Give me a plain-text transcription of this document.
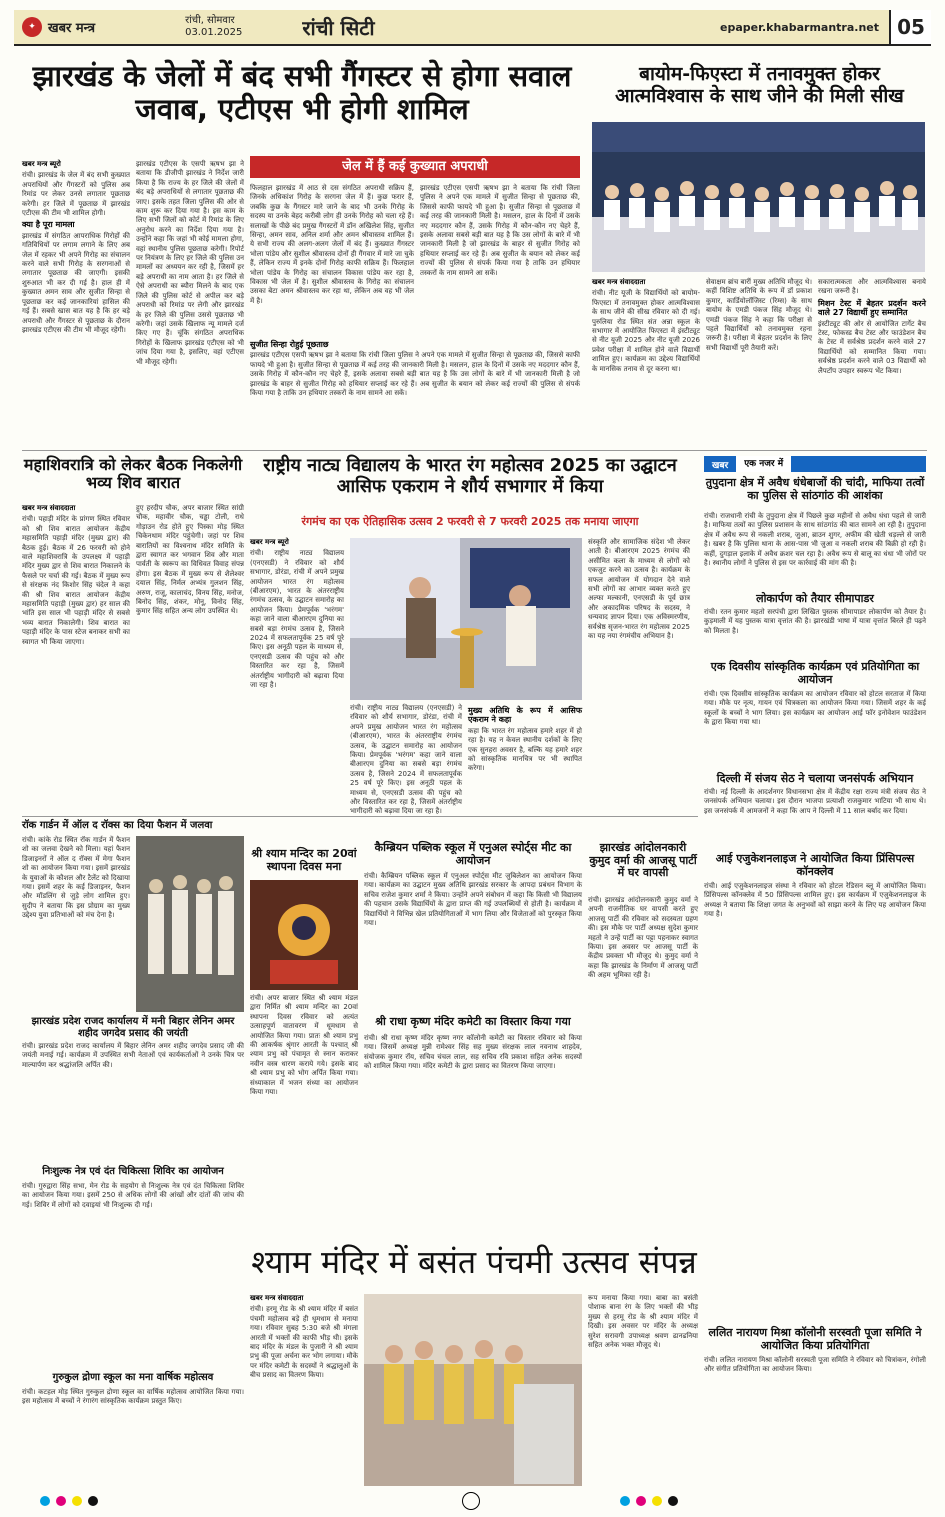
✦ खबर मन्त्र
रांची, सोमवार
03.01.2025	रांची सिटी	epaper.khabarmantra.net 05
झारखंड के जेलों में बंद सभी गैंगस्टर से होगा सवाल जवाब, एटीएस भी होगी शामिल
खबर मन्त्र ब्यूरो
रांची। झारखंड के जेल में बंद सभी कुख्यात अपराधियों और गैंगस्टरों को पुलिस अब रिमांड पर लेकर उनसे लगातार पूछताछ करेगी। हर जिले में पूछताछ में झारखंड एटीएस की टीम भी शामिल होगी।
क्या है पूरा मामला
झारखंड में संगठित आपराधिक गिरोहों की गतिविधियों पर लगाम लगाने के लिए अब जेल में रहकर भी अपने गिरोह का संचालन करने वाले सभी गिरोह के सरगनाओं से लगातार पूछताछ की जाएगी। इसकी शुरुआत भी कर दी गई है। हाल ही में कुख्यात अमन साव और सुजीत सिन्हा से पूछताछ कर कई जानकारियां हासिल की गई हैं। सबसे खास बात यह है कि हर बड़े अपराधी और गैंगस्टर से पूछताछ के दौरान झारखंड एटीएस की टीम भी मौजूद रहेगी।
झारखंड एटीएस के एसपी ऋषभ झा ने बताया कि डीजीपी झारखंड ने निर्देश जारी किया है कि राज्य के हर जिले की जेलों में बंद बड़े अपराधियों से लगातार पूछताछ की जाए। इसके तहत जिला पुलिस की ओर से काम शुरू कर दिया गया है। इस काम के लिए सभी जिलों को कोर्ट में रिमांड के लिए अनुरोध करने का निर्देश दिया गया है। उन्होंने कहा कि जहां भी कोई मामला होगा, वहां स्थानीय पुलिस पूछताछ करेगी। रिपोर्ट पर नियंत्रण के लिए हर जिले की पुलिस उन मामलों का अध्ययन कर रही है, जिसमें हर बड़े अपराधी का नाम आता है। हर जिले से ऐसे अपराधी का ब्यौरा मिलने के बाद एक जिले की पुलिस कोर्ट से अपील कर बड़े अपराधी को रिमांड पर लेगी और झारखंड के हर जिले की पुलिस उससे पूछताछ भी करेगी। जहां उसके खिलाफ न्यू मामले दर्ज किए गए हैं। चूंकि संगठित अपराधिक गिरोहों के खिलाफ झारखंड एटीएस को भी जांच दिया गया है, इसलिए, वहां एटीएस भी मौजूद रहेगी।
जेल में हैं कई कुख्यात अपराधी
फिलहाल झारखंड में आठ से दस संगठित अपराधी सक्रिय हैं, जिनके अधिकांश गिरोह के सरगना जेल में हैं। कुछ फरार हैं, जबकि कुछ के गैंगस्टर मारे जाने के बाद भी उनके गिरोह के सदस्य या उनके बेहद करीबी लोग ही उनके गिरोह को चला रहे हैं। सलाखों के पीछे बंद प्रमुख गैंगस्टरों में डॉन अखिलेश सिंह, सुजीत सिन्हा, अमन साव, अनिल शर्मा और अमन श्रीवास्तव शामिल हैं। ये सभी राज्य की अलग-अलग जेलों में बंद हैं। कुख्यात गैंगस्टर भोला पांडेय और सुशील श्रीवास्तव दोनों ही गैंगवार में मारे जा चुके हैं, लेकिन राज्य में इनके दोनों गिरोह काफी सक्रिय हैं। फिलहाल भोला पांडेय के गिरोह का संचालन विकास पांडेय कर रहा है, विकास भी जेल में है। सुशील श्रीवास्तव के गिरोह का संचालन उसका बेटा अमन श्रीवास्तव कर रहा था, लेकिन अब वह भी जेल में है।
झारखंड एटीएस एसपी ऋषभ झा ने बताया कि रांची जिला पुलिस ने अपने एक मामले में सुजीत सिन्हा से पूछताछ की, जिससे काफी फायदे भी हुआ है। सुजीत सिन्हा से पूछताछ में कई तरह की जानकारी मिली है। मसलन, हाल के दिनों में उसके नए मददगार कौन हैं, उसके गिरोह में कौन-कौन नए चेहरे हैं, इसके अलावा सबसे बड़ी बात यह है कि उस लोगों के बारे में भी जानकारी मिली है जो झारखंड के बाहर से सुजीत गिरोह को हथियार सप्लाई कर रहे हैं। अब सुजीत के बयान को लेकर कई राज्यों की पुलिस से संपर्क किया गया है ताकि उन हथियार तस्करों के नाम सामने आ सकें।
सुजीत सिन्हा रोहुई पूछताछ
झारखंड एटीएस एसपी ऋषभ झा ने बताया कि रांची जिला पुलिस ने अपने एक मामले में सुजीत सिन्हा से पूछताछ की, जिससे काफी फायदे भी हुआ है। सुजीत सिन्हा से पूछताछ में कई तरह की जानकारी मिली है। मसलन, हाल के दिनों में उसके नए मददगार कौन हैं, उसके गिरोह में कौन-कौन नए चेहरे हैं, इसके अलावा सबसे बड़ी बात यह है कि उस लोगों के बारे में भी जानकारी मिली है जो झारखंड के बाहर से सुजीत गिरोह को हथियार सप्लाई कर रहे हैं। अब सुजीत के बयान को लेकर कई राज्यों की पुलिस से संपर्क किया गया है ताकि उन हथियार तस्करों के नाम सामने आ सकें।
बायोम-फिएस्टा में तनावमुक्त होकर आत्मविश्वास के साथ जीने की मिली सीख
खबर मन्त्र संवाददाता
रांची। नीट यूजी के विद्यार्थियों को बायोम-फिएस्टा में तनावमुक्त होकर आत्मविश्वास के साथ जीने की सीख रविवार को दी गई। पुरुलिया रोड स्थित संत अन्ना स्कूल के सभागार में आयोजित फिएस्टा में इंस्टीट्यूट से नीट यूजी 2025 और नीट यूजी 2026 प्रवेश परीक्षा में शामिल होने वाले विद्यार्थी शामिल हुए। कार्यक्रम का उद्देश्य विद्यार्थियों के मानसिक तनाव से दूर करना था।
सेवाक्षम ब्रांच बारीं मुख्य अतिथि मौजूद थे। कहीं विशिष्ट अतिथि के रूप में डॉ प्रकाश कुमार, कार्डियोलॉजिस्ट (रिम्स) के साथ बायोम के एमडी पंकज सिंह मौजूद थे। एमडी पंकज सिंह ने कहा कि परीक्षा से पहले विद्यार्थियों को तनावमुक्त रहना जरूरी है। परीक्षा में बेहतर प्रदर्शन के लिए सभी विद्यार्थी पूरी तैयारी करें।
सकारात्मकता और आत्मविश्वास बनाये रखना जरूरी है।
मिशन टेस्ट में बेहतर प्रदर्शन करने वाले 27 विद्यार्थी हुए सम्मानित
इंस्टीट्यूट की ओर से आयोजित टार्गेट बैच टेस्ट, फोकस्ड बैच टेस्ट और फाउंडेशन बैच के टेस्ट में सर्वश्रेष्ठ प्रदर्शन करने वाले 27 विद्यार्थियों को सम्मानित किया गया। सर्वश्रेष्ठ प्रदर्शन करने वाले 03 विद्यार्थी को लैपटॉप उपहार स्वरूप भेंट किया।
महाशिवरात्रि को लेकर बैठक निकलेगी भव्य शिव बारात
खबर मन्त्र संवाददाता
रांची। पहाड़ी मंदिर के प्रांगण स्थित रविवार को श्री शिव बारात आयोजन केंद्रीय महासमिति पहाड़ी मंदिर (मुख्य द्वार) की बैठक हुई। बैठक में 26 फरवरी को होने वाले महाशिवरात्रि के उपलक्ष्य में पहाड़ी मंदिर मुख्य द्वार से शिव बारात निकालने के फैसले पर चर्चा की गई। बैठक में मुख्य रूप से संरक्षक नंद किशोर सिंह चंदेल ने कहा की श्री शिव बारात आयोजन केंद्रीय महासमिति पहाड़ी (मुख्य द्वार) हर साल की भांति इस साल भी पहाड़ी मंदिर से सबसे भव्य बारात निकालेगी। शिव बारात का पहाड़ी मंदिर के पास स्टेज बनाकर सभी का स्वागत भी किया जाएगा।
हुए हरदीप चौक, अपर बाजार स्थित सांग्री चौक, महावीर चौक, चड्ढा टोली, राधे गोड़ाउन रोड होते हुए पिस्का मोड़ स्थित चिकेनथाम मंदिर पहुंचेगी। जहां पर शिव बारातियों का विश्वनाथ मंदिर समिति के द्वारा स्वागत कर भगवान शिव और माता पार्वती के स्वरूप का विधिवत विवाह संपन्न होगा। इस बैठक में मुख्य रूप से शैलेश्वर दयाल सिंह, निर्मल अभ्यंत्र गुलशन सिंह, अरुण, राजू, कालाचंद, विनय सिंह, मनोज, बिनोद सिंह, शंकर, मोनू, विनोद सिंह, कुमार सिंह सहित अन्य लोग उपस्थित थे।
राष्ट्रीय नाट्य विद्यालय के भारत रंग महोत्सव 2025 का उद्घाटन आसिफ एकराम ने शौर्य सभागार में किया
रंगमंच का एक ऐतिहासिक उत्सव 2 फरवरी से 7 फरवरी 2025 तक मनाया जाएगा
खबर मन्त्र ब्यूरो
रांची। राष्ट्रीय नाट्य विद्यालय (एनएसडी) ने रविवार को शौर्य सभागार, डोरंडा, रांची में अपने प्रमुख आयोजन भारत रंग महोत्सव (बीआरएम), भारत के अंतरराष्ट्रीय रंगमंच उत्सव, के उद्घाटन समारोह का आयोजन किया। प्रेमपूर्वक 'भरंगम' कहा जाने वाला बीआरएम दुनिया का सबसे बड़ा रंगमंच उत्सव है, जिसने 2024 में सफलतापूर्वक 25 वर्ष पूरे किए। इस अनूठी पहल के माध्यम से, एनएसडी उत्सव की पहुंच को और विस्तारित कर रहा है, जिसमें अंतर्राष्ट्रीय भागीदारी को बढ़ावा दिया जा रहा है।
रांची। राष्ट्रीय नाट्य विद्यालय (एनएसडी) ने रविवार को शौर्य सभागार, डोरंडा, रांची में अपने प्रमुख आयोजन भारत रंग महोत्सव (बीआरएम), भारत के अंतरराष्ट्रीय रंगमंच उत्सव, के उद्घाटन समारोह का आयोजन किया। प्रेमपूर्वक 'भरंगम' कहा जाने वाला बीआरएम दुनिया का सबसे बड़ा रंगमंच उत्सव है, जिसने 2024 में सफलतापूर्वक 25 वर्ष पूरे किए। इस अनूठी पहल के माध्यम से, एनएसडी उत्सव की पहुंच को और विस्तारित कर रहा है, जिसमें अंतर्राष्ट्रीय भागीदारी को बढ़ावा दिया जा रहा है।
मुख्य अतिथि के रूप में आसिफ एकराम ने कहा
कहा कि भारत रंग महोत्सव हमारे शहर में हो रहा है। यह न केवल स्थानीय दर्शकों के लिए एक सुनहरा अवसर है, बल्कि यह हमारे शहर को सांस्कृतिक मानचित्र पर भी स्थापित करेगा।
संस्कृति और सामाजिक संदेश भी लेकर आती है। बीआरएम 2025 रंगमंच की असीमित कला के माध्यम से लोगों को एकजुट करने का उत्सव है। कार्यक्रम के सफल आयोजन में योगदान देने वाले सभी लोगों का आभार व्यक्त करते हुए अल्फा मल्कानी, एनएसडी के पूर्व छात्र और अकादमिक परिषद के सदस्य, ने धन्यवाद ज्ञापन दिया। एक अविस्मरणीय, सर्वश्रेष्ठ सृजन-भारत रंग महोत्सव 2025 का यह नया रंगमंचीय अभियान है।
खबर	एक नजर में
तुपुदाना क्षेत्र में अवैध धंधेबाजों की चांदी, माफिया तत्वों का पुलिस से सांठगांठ की आशंका
रांची। राजधानी रांची के तुपुदाना क्षेत्र में पिछले कुछ महीनों से अवैध धंधा पहले से जारी है। माफिया तत्वों का पुलिस प्रशासन के साथ सांठगांठ की बात सामने आ रही है। तुपुदाना क्षेत्र में अवैध रूप से नकली शराब, जुआ, ब्राउन शुगर, अफीम की खेती धड़ल्ले से जारी है। खबर है कि पुलिस थाना के आस-पास भी जुआ व नकली शराब की बिक्री हो रही है। कहीं, दुगड़ाल इलाके में अवैध क्रशर चल रहा है। अवैध रूप से बालू का धंधा भी जोरों पर है। स्थानीय लोगों ने पुलिस से इस पर कार्रवाई की मांग की है।
लोकार्पण को तैयार सीमापाडर
रांची। रतन कुमार महतो सरपंची द्वारा लिखित पुस्तक सीमापाडर लोकार्पण को तैयार है। कुड़माली में यह पुस्तक यात्रा वृत्तांत की है। झारखंडी भाषा में यात्रा वृत्तांत बिरले ही पढ़ने को मिलता है।
एक दिवसीय सांस्कृतिक कार्यक्रम एवं प्रतियोगिता का आयोजन
रांची। एक दिवसीय सांस्कृतिक कार्यक्रम का आयोजन रविवार को होटल सरताज में किया गया। मौके पर नृत्य, गायन एवं चित्रकला का आयोजन किया गया। जिसमें शहर के कई स्कूलों के बच्चों ने भाग लिया। इस कार्यक्रम का आयोजन आई फॉर इनोवेशन फाउंडेशन के द्वारा किया गया था।
दिल्ली में संजय सेठ ने चलाया जनसंपर्क अभियान
रांची। नई दिल्ली के आदर्शनगर विधानसभा क्षेत्र में केंद्रीय रक्षा राज्य मंत्री संजय सेठ ने जनसंपर्क अभियान चलाया। इस दौरान भाजपा प्रत्याशी राजकुमार भाटिया भी साथ थे। इस जनसंपर्क में आमजनों ने कहा कि आप ने दिल्ली में 11 साल बर्बाद कर दिया।
आई एजुकेशनलाइज ने आयोजित किया प्रिंसिपल्स कॉनक्लेव
रांची। आई एजुकेशनलाइज संस्था ने रविवार को होटल रेडिसन ब्लू में आयोजित किया। प्रिंसिपल्स कॉनक्लेव में 50 प्रिंसिपल्स शामिल हुए। इस कार्यक्रम में एजुकेशनलाइज के अध्यक्ष ने बताया कि शिक्षा जगत के अनुभवों को साझा करने के लिए यह आयोजन किया गया है।
ललित नारायण मिश्रा कॉलोनी सरस्वती पूजा समिति ने आयोजित किया प्रतियोगिता
रांची। ललित नारायण मिश्रा कॉलोनी सरस्वती पूजा समिति ने रविवार को चित्रांकन, रंगोली और संगीत प्रतियोगिता का आयोजन किया।
रॉक गार्डन में ऑल द रॉक्स का दिया फैशन में जलवा
रांची। कांके रोड स्थित रॉक गार्डन में फैशन शो का जलवा देखने को मिला। यहां फैशन डिजाइनरों ने ऑल द रॉक्स में मेगा फैशन शो का आयोजन किया गया। इसमें झारखंड के युवाओं के कौशल और टैलेंट को दिखाया गया। इसमें शहर के कई डिजाइनर, फैशन और मॉडलिंग से जुड़े लोग शामिल हुए। सुदीप ने बताया कि इस प्रोग्राम का मुख्य उद्देश्य युवा प्रतिभाओं को मंच देना है।
झारखंड प्रदेश राजद कार्यालय में मनी बिहार लेनिन अमर शहीद जगदेव प्रसाद की जयंती
रांची। झारखंड प्रदेश राजद कार्यालय में बिहार लेनिन अमर शहीद जगदेव प्रसाद जी की जयंती मनाई गई। कार्यक्रम में उपस्थित सभी नेताओं एवं कार्यकर्ताओं ने उनके चित्र पर माल्यार्पण कर श्रद्धांजलि अर्पित की।
निःशुल्क नेत्र एवं दंत चिकित्सा शिविर का आयोजन
रांची। गुरुद्वारा सिंह सभा, मेन रोड के सहयोग से निःशुल्क नेत्र एवं दंत चिकित्सा शिविर का आयोजन किया गया। इसमें 250 से अधिक लोगों की आंखों और दांतों की जांच की गई। शिविर में लोगों को दवाइयां भी निःशुल्क दी गई।
गुरुकुल द्रोणा स्कूल का मना वार्षिक महोत्सव
रांची। कटहल मोड़ स्थित गुरुकुल द्रोणा स्कूल का वार्षिक महोत्सव आयोजित किया गया। इस महोत्सव में बच्चों ने रंगारंग सांस्कृतिक कार्यक्रम प्रस्तुत किए।
श्री श्याम मन्दिर का 20वां स्थापना दिवस मना
रांची। अपर बाजार स्थित श्री श्याम मंडल द्वारा निर्मित श्री श्याम मन्दिर का 20वां स्थापना दिवस रविवार को अत्यंत उत्साहपूर्ण वातावरण में धूमधाम से आयोजित किया गया। प्रातः श्री श्याम प्रभु की आकर्षक श्रृंगार आरती के पश्चात् श्री श्याम प्रभु को पंचामृत से स्नान कराकर नवीन वस्त्र धारण कराये गये। इसके बाद श्री श्याम प्रभु को भोग अर्पित किया गया। संध्याकाल में भजन संध्या का आयोजन किया गया।
कैम्ब्रियन पब्लिक स्कूल में एनुअल स्पोर्ट्स मीट का आयोजन
रांची। कैम्ब्रियन पब्लिक स्कूल में एनुअल स्पोर्ट्स मीट जुबिलेशन का आयोजन किया गया। कार्यक्रम का उद्घाटन मुख्य अतिथि झारखंड सरकार के आपदा प्रबंधन विभाग के सचिव राजेश कुमार शर्मा ने किया। उन्होंने अपने संबोधन में कहा कि किसी भी विद्यालय की पहचान उसके विद्यार्थियों के द्वारा प्राप्त की गई उपलब्धियों से होती है। कार्यक्रम में विद्यार्थियों ने विभिन्न खेल प्रतियोगिताओं में भाग लिया और विजेताओं को पुरस्कृत किया गया।
श्री राधा कृष्ण मंदिर कमेटी का विस्तार किया गया
रांची। श्री राधा कृष्ण मंदिर कृष्ण नगर कॉलोनी कमेटी का विस्तार रविवार को किया गया। जिसमें अध्यक्ष मुन्नी रामेश्वर सिंह सह मुख्य संरक्षक लाल नवनाथ शाहदेव, संयोजक कुमार रॉय, सचिव चंचल लाल, सह सचिव रवि प्रकाश सहित अनेक सदस्यों को शामिल किया गया। मंदिर कमेटी के द्वारा प्रसाद का वितरण किया जाएगा।
झारखंड आंदोलनकारी कुमुद वर्मा की आजसू पार्टी में घर वापसी
रांची। झारखंड आंदोलनकारी कुमुद वर्मा ने अपनी राजनीतिक घर वापसी करते हुए आजसू पार्टी की रविवार को सदस्यता ग्रहण की। इस मौके पर पार्टी अध्यक्ष सुदेश कुमार महतो ने उन्हें पार्टी का पट्टा पहनाकर स्वागत किया। इस अवसर पर आजसू पार्टी के केंद्रीय प्रवक्ता भी मौजूद थे। कुमुद वर्मा ने कहा कि झारखंड के निर्माण में आजसू पार्टी की अहम भूमिका रही है।
श्याम मंदिर में बसंत पंचमी उत्सव संपन्न
खबर मन्त्र संवाददाता
रांची। हरमू रोड के श्री श्याम मंदिर में बसंत पंचमी महोत्सव बड़े ही धूमधाम से मनाया गया। रविवार सुबह 5:30 बजे श्री मंगला आरती में भक्तों की काफी भीड़ थी। इसके बाद मंदिर के मंडल के पुजारी ने श्री श्याम प्रभु की पूजा अर्चना कर भोग लगाया। मौके पर मंदिर कमेटी के सदस्यों ने श्रद्धालुओं के बीच प्रसाद का वितरण किया।
रूप मनाया किया गया। बाबा का बसंती पोशाक बाना रंग के लिए भक्तों की भीड़ मुख्य से हरमू रोड के श्री श्याम मंदिर में दिखी। इस अवसर पर मंदिर के अध्यक्ष सुरेश सरावगी उपाध्यक्ष श्रवण ढानढनिया सहित अनेक भक्त मौजूद थे।
